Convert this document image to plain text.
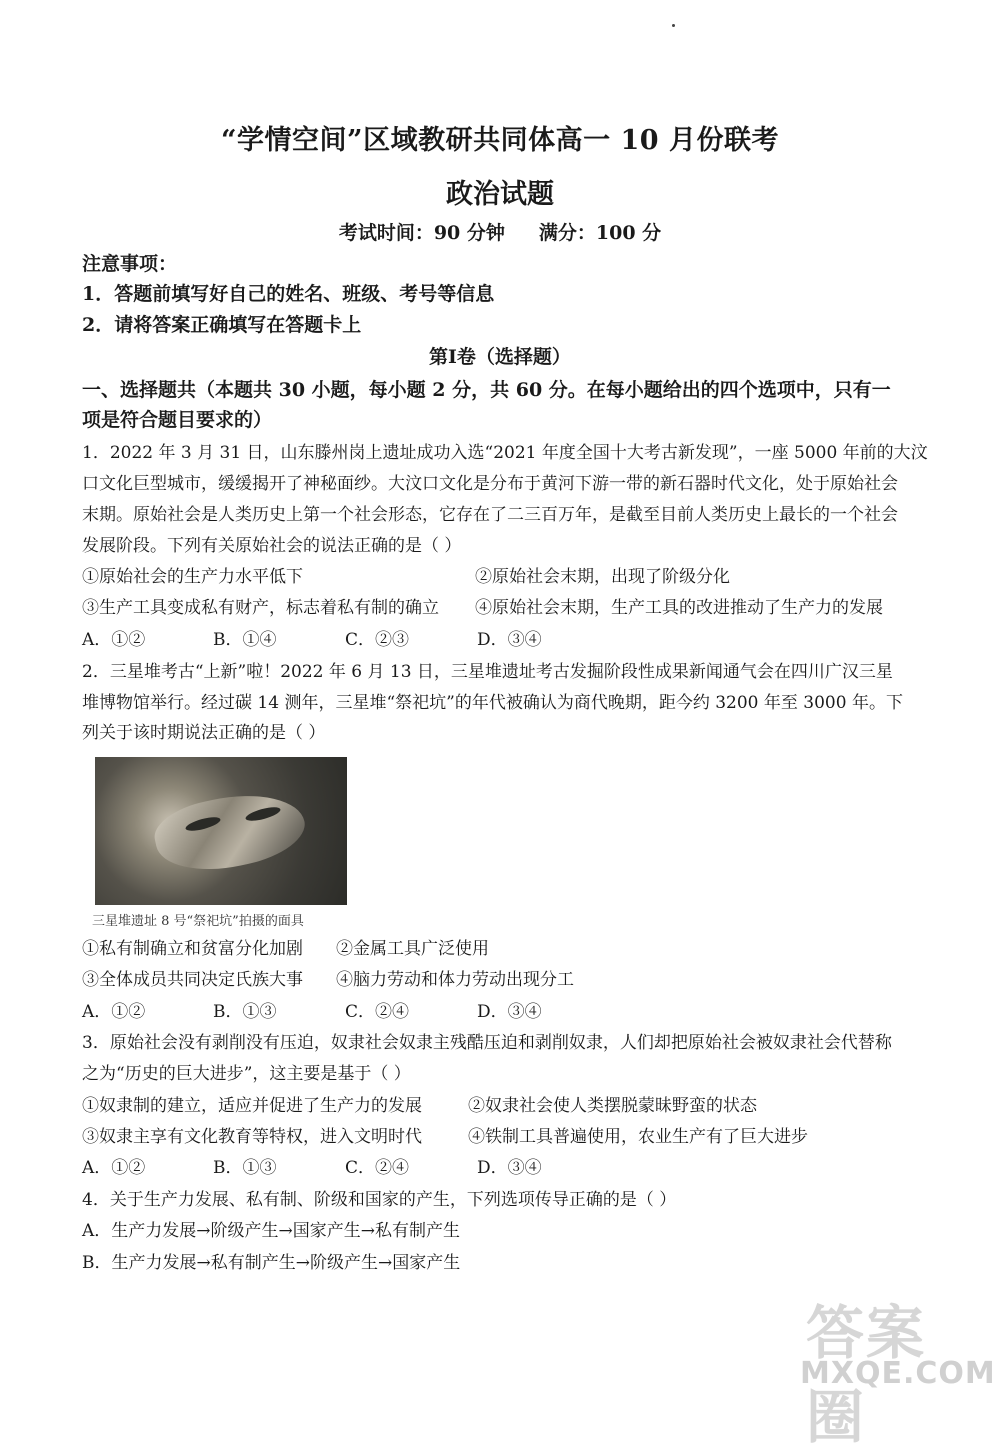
“学情空间”区域教研共同体高一 10 月份联考
政治试题
考试时间：90 分钟 满分：100 分
注意事项：
1．答题前填写好自己的姓名、班级、考号等信息
2．请将答案正确填写在答题卡上
第Ⅰ卷（选择题）
一、选择题共（本题共 30 小题，每小题 2 分，共 60 分。在每小题给出的四个选项中，只有一
项是符合题目要求的）
1．2022 年 3 月 31 日，山东滕州岗上遗址成功入选“2021 年度全国十大考古新发现”，一座 5000 年前的大汶
口文化巨型城市，缓缓揭开了神秘面纱。大汶口文化是分布于黄河下游一带的新石器时代文化，处于原始社会
末期。原始社会是人类历史上第一个社会形态，它存在了二三百万年，是截至目前人类历史上最长的一个社会
发展阶段。下列有关原始社会的说法正确的是（ ）
①原始社会的生产力水平低下	②原始社会末期，出现了阶级分化
③生产工具变成私有财产，标志着私有制的确立 ④原始社会末期，生产工具的改进推动了生产力的发展
A．①②	B．①④	C．②③	D．③④
2．三星堆考古“上新”啦！2022 年 6 月 13 日，三星堆遗址考古发掘阶段性成果新闻通气会在四川广汉三星
堆博物馆举行。经过碳 14 测年，三星堆“祭祀坑”的年代被确认为商代晚期，距今约 3200 年至 3000 年。下
列关于该时期说法正确的是（ ）
三星堆遗址 8 号“祭祀坑”拍摄的面具
①私有制确立和贫富分化加剧 ②金属工具广泛使用
③全体成员共同决定氏族大事 ④脑力劳动和体力劳动出现分工
A．①②	B．①③	C．②④	D．③④
3．原始社会没有剥削没有压迫，奴隶社会奴隶主残酷压迫和剥削奴隶，人们却把原始社会被奴隶社会代替称
之为“历史的巨大进步”，这主要是基于（ ）
①奴隶制的建立，适应并促进了生产力的发展	②奴隶社会使人类摆脱蒙昧野蛮的状态
③奴隶主享有文化教育等特权，进入文明时代	④铁制工具普遍使用，农业生产有了巨大进步
A．①②	B．①③	C．②④	D．③④
4．关于生产力发展、私有制、阶级和国家的产生，下列选项传导正确的是（ ）
A．生产力发展→阶级产生→国家产生→私有制产生
B．生产力发展→私有制产生→阶级产生→国家产生
答案圈
MXQE.COM
